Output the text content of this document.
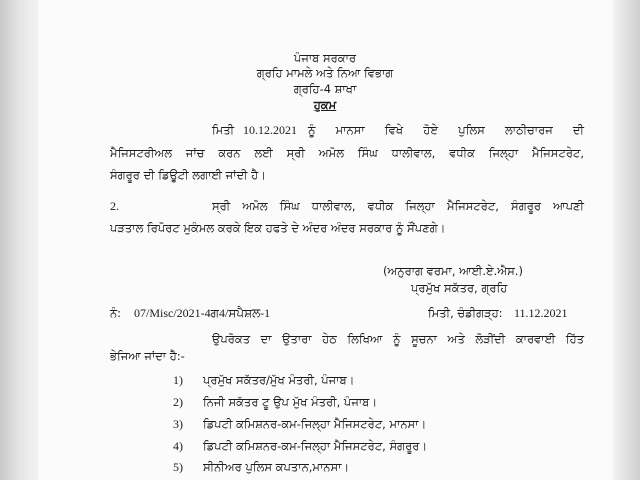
ਪੰਜਾਬ ਸਰਕਾਰ
ਗ੍ਰਹਿ ਮਾਮਲੇ ਅਤੇ ਨਿਆ ਵਿਭਾਗ
ਗ੍ਰਹਿ-4 ਸ਼ਾਖਾ
ਹੁਕਮ
ਮਿਤੀ 10.12.2021 ਨੂੰ ਮਾਨਸਾ ਵਿਖੇ ਹੋਏ ਪੁਲਿਸ ਲਾਠੀਚਾਰਜ ਦੀ
ਮੈਜਿਸਟਰੀਅਲ ਜਾਂਚ ਕਰਨ ਲਈ ਸ੍ਰੀ ਅਮੋਲ ਸਿੰਘ ਧਾਲੀਵਾਲ, ਵਧੀਕ ਜਿਲ੍ਹਾ ਮੈਜਿਸਟਰੇਟ,
ਸੰਗਰੂਰ ਦੀ ਡਿਊਟੀ ਲਗਾਈ ਜਾਂਦੀ ਹੈ।
2.	ਸ੍ਰੀ ਅਮੋਲ ਸਿੰਘ ਧਾਲੀਵਾਲ, ਵਧੀਕ ਜਿਲ੍ਹਾ ਮੈਜਿਸਟਰੇਟ, ਸੰਗਰੂਰ ਆਪਣੀ
ਪੜਤਾਲ ਰਿਪੋਰਟ ਮੁਕੰਮਲ ਕਰਕੇ ਇਕ ਹਫਤੇ ਦੇ ਅੰਦਰ ਅੰਦਰ ਸਰਕਾਰ ਨੂੰ ਸੌਂਪਣਗੇ।
(ਅਨੁਰਾਗ ਵਰਮਾ, ਆਈ.ਏ.ਐਸ.)
ਪ੍ਰਮੁੱਖ ਸਕੱਤਰ, ਗ੍ਰਹਿ
ਨੰ: 07/Misc/2021-4ਗ4/ਸਪੈਸ਼ਲ-1	ਮਿਤੀ, ਚੰਡੀਗੜ੍ਹ: 11.12.2021
ਉਪਰੋਕਤ ਦਾ ਉਤਾਰਾ ਹੇਠ ਲਿਖਿਆ ਨੂੰ ਸੂਚਨਾ ਅਤੇ ਲੋੜੀਂਦੀ ਕਾਰਵਾਈ ਹਿੱਤ
ਭੇਜਿਆ ਜਾਂਦਾ ਹੈ:-
1) ਪ੍ਰਮੁੱਖ ਸਕੱਤਰ/ਮੁੱਖ ਮੰਤਰੀ, ਪੰਜਾਬ।
2) ਨਿਜੀ ਸਕੱਤਰ ਟੂ ਉਪ ਮੁੱਖ ਮੰਤਰੀ, ਪੰਜਾਬ।
3) ਡਿਪਟੀ ਕਮਿਸ਼ਨਰ-ਕਮ-ਜਿਲ੍ਹਾ ਮੈਜਿਸਟਰੇਟ, ਮਾਨਸਾ।
4) ਡਿਪਟੀ ਕਮਿਸ਼ਨਰ-ਕਮ-ਜਿਲ੍ਹਾ ਮੈਜਿਸਟਰੇਟ, ਸੰਗਰੂਰ।
5) ਸੀਨੀਅਰ ਪੁਲਿਸ ਕਪਤਾਨ,ਮਾਨਸਾ।
